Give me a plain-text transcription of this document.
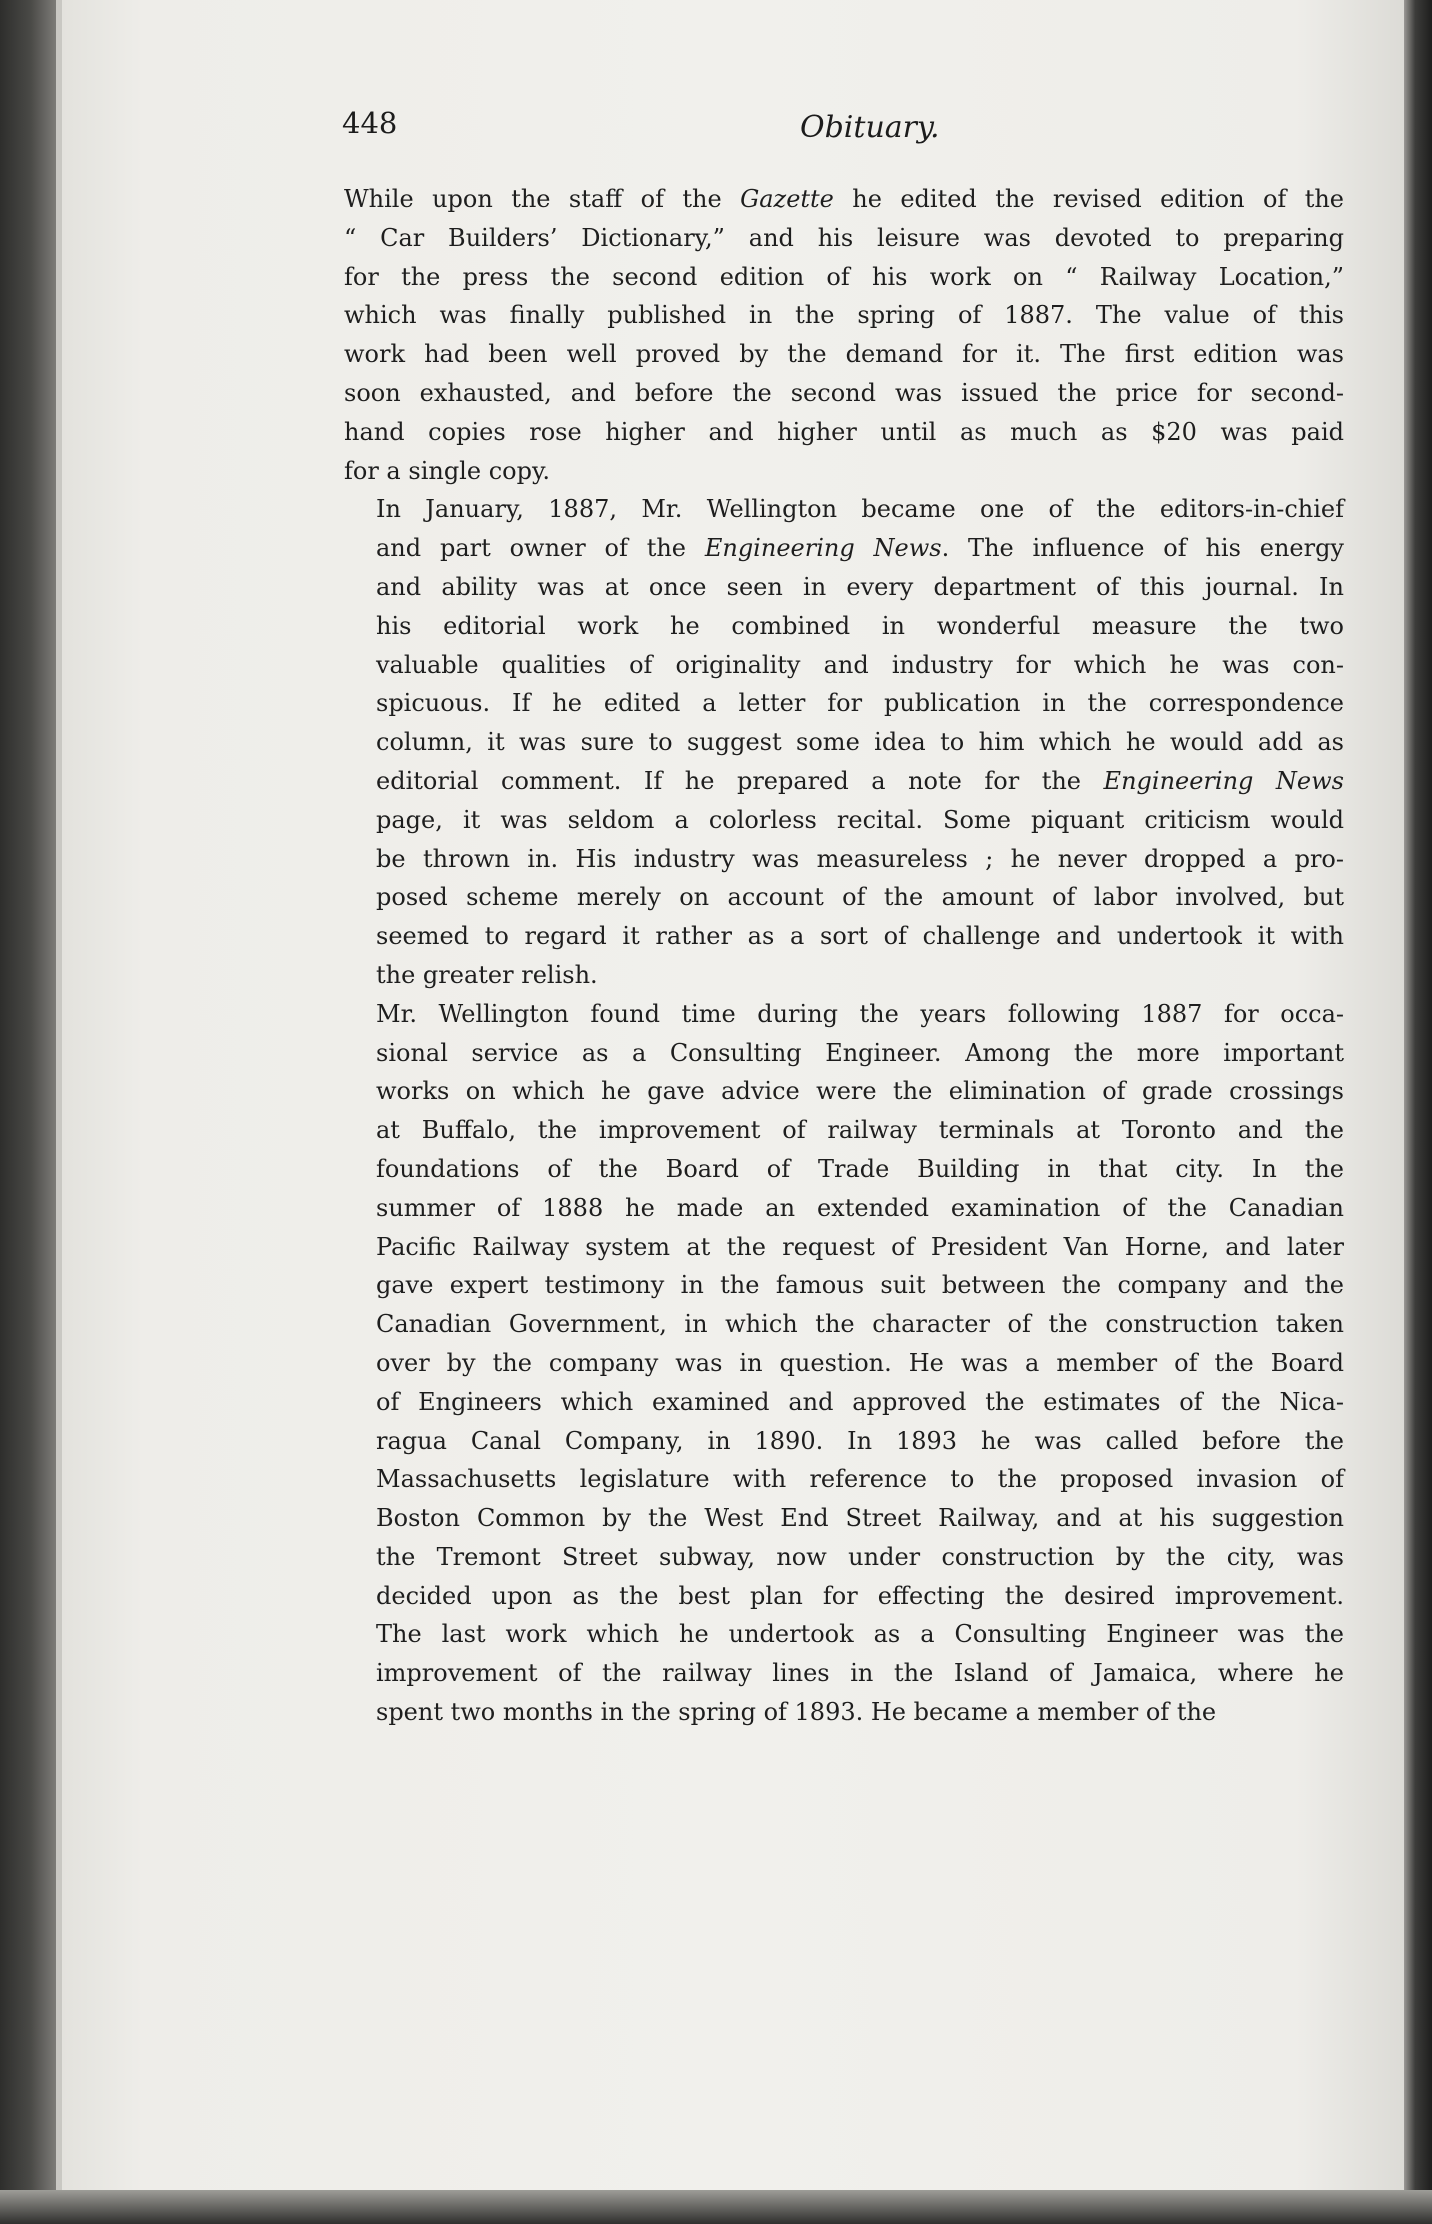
448	Obituary.
While upon the staff of the Gazette he edited the revised edition of the
“ Car Builders’ Dictionary,” and his leisure was devoted to preparing
for the press the second edition of his work on “ Railway Location,”
which was finally published in the spring of 1887. The value of this
work had been well proved by the demand for it. The first edition was
soon exhausted, and before the second was issued the price for second-
hand copies rose higher and higher until as much as $20 was paid
for a single copy.
In January, 1887, Mr. Wellington became one of the editors-in-chief
and part owner of the Engineering News. The influence of his energy
and ability was at once seen in every department of this journal. In
his editorial work he combined in wonderful measure the two
valuable qualities of originality and industry for which he was con-
spicuous. If he edited a letter for publication in the correspondence
column, it was sure to suggest some idea to him which he would add as
editorial comment. If he prepared a note for the Engineering News
page, it was seldom a colorless recital. Some piquant criticism would
be thrown in. His industry was measureless ; he never dropped a pro-
posed scheme merely on account of the amount of labor involved, but
seemed to regard it rather as a sort of challenge and undertook it with
the greater relish.
Mr. Wellington found time during the years following 1887 for occa-
sional service as a Consulting Engineer. Among the more important
works on which he gave advice were the elimination of grade crossings
at Buffalo, the improvement of railway terminals at Toronto and the
foundations of the Board of Trade Building in that city. In the
summer of 1888 he made an extended examination of the Canadian
Pacific Railway system at the request of President Van Horne, and later
gave expert testimony in the famous suit between the company and the
Canadian Government, in which the character of the construction taken
over by the company was in question. He was a member of the Board
of Engineers which examined and approved the estimates of the Nica-
ragua Canal Company, in 1890. In 1893 he was called before the
Massachusetts legislature with reference to the proposed invasion of
Boston Common by the West End Street Railway, and at his suggestion
the Tremont Street subway, now under construction by the city, was
decided upon as the best plan for effecting the desired improvement.
The last work which he undertook as a Consulting Engineer was the
improvement of the railway lines in the Island of Jamaica, where he
spent two months in the spring of 1893. He became a member of the
